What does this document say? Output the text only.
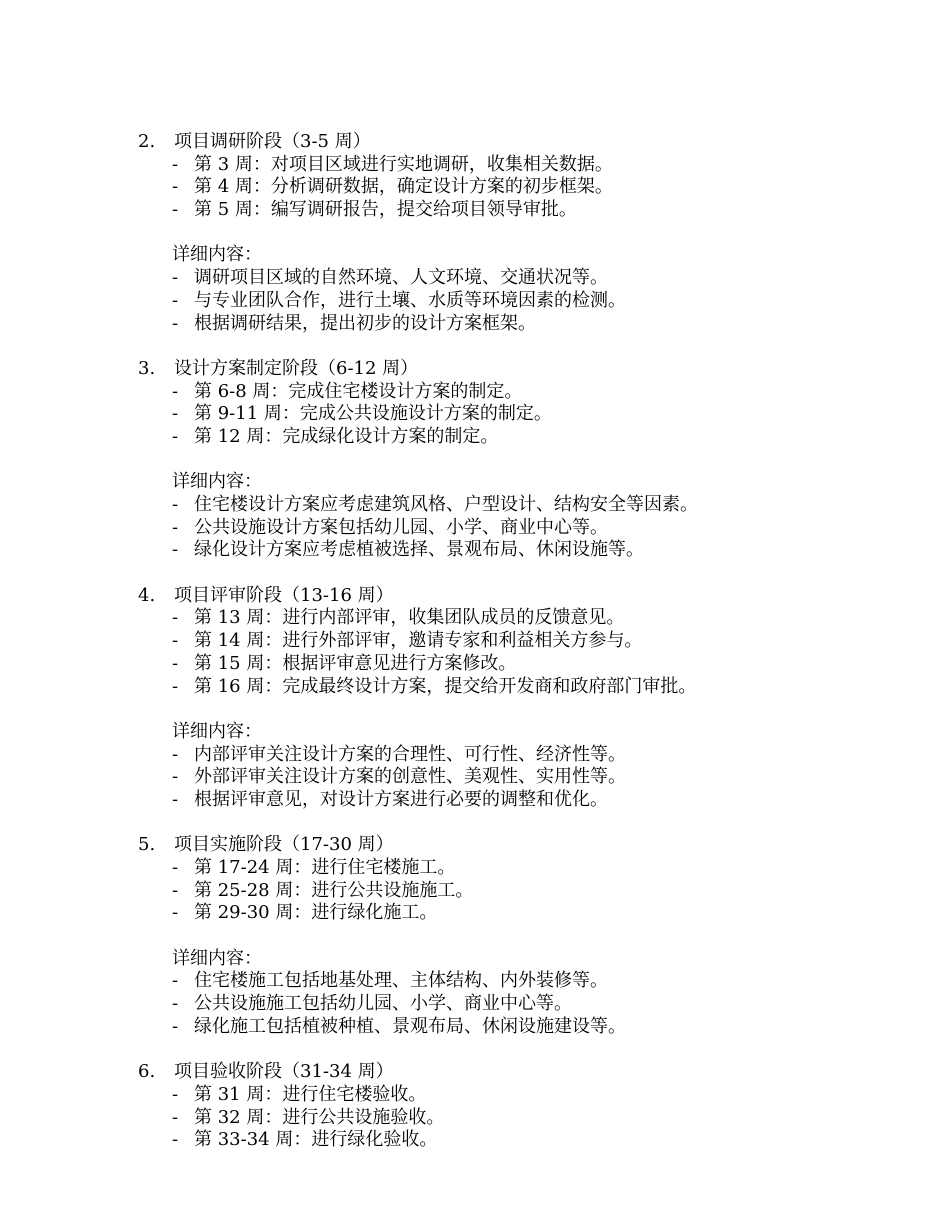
2. 项目调研阶段（3-5 周）
- 第 3 周：对项目区域进行实地调研，收集相关数据。
- 第 4 周：分析调研数据，确定设计方案的初步框架。
- 第 5 周：编写调研报告，提交给项目领导审批。
详细内容：
- 调研项目区域的自然环境、人文环境、交通状况等。
- 与专业团队合作，进行土壤、水质等环境因素的检测。
- 根据调研结果，提出初步的设计方案框架。
3. 设计方案制定阶段（6-12 周）
- 第 6-8 周：完成住宅楼设计方案的制定。
- 第 9-11 周：完成公共设施设计方案的制定。
- 第 12 周：完成绿化设计方案的制定。
详细内容：
- 住宅楼设计方案应考虑建筑风格、户型设计、结构安全等因素。
- 公共设施设计方案包括幼儿园、小学、商业中心等。
- 绿化设计方案应考虑植被选择、景观布局、休闲设施等。
4. 项目评审阶段（13-16 周）
- 第 13 周：进行内部评审，收集团队成员的反馈意见。
- 第 14 周：进行外部评审，邀请专家和利益相关方参与。
- 第 15 周：根据评审意见进行方案修改。
- 第 16 周：完成最终设计方案，提交给开发商和政府部门审批。
详细内容：
- 内部评审关注设计方案的合理性、可行性、经济性等。
- 外部评审关注设计方案的创意性、美观性、实用性等。
- 根据评审意见，对设计方案进行必要的调整和优化。
5. 项目实施阶段（17-30 周）
- 第 17-24 周：进行住宅楼施工。
- 第 25-28 周：进行公共设施施工。
- 第 29-30 周：进行绿化施工。
详细内容：
- 住宅楼施工包括地基处理、主体结构、内外装修等。
- 公共设施施工包括幼儿园、小学、商业中心等。
- 绿化施工包括植被种植、景观布局、休闲设施建设等。
6. 项目验收阶段（31-34 周）
- 第 31 周：进行住宅楼验收。
- 第 32 周：进行公共设施验收。
- 第 33-34 周：进行绿化验收。
